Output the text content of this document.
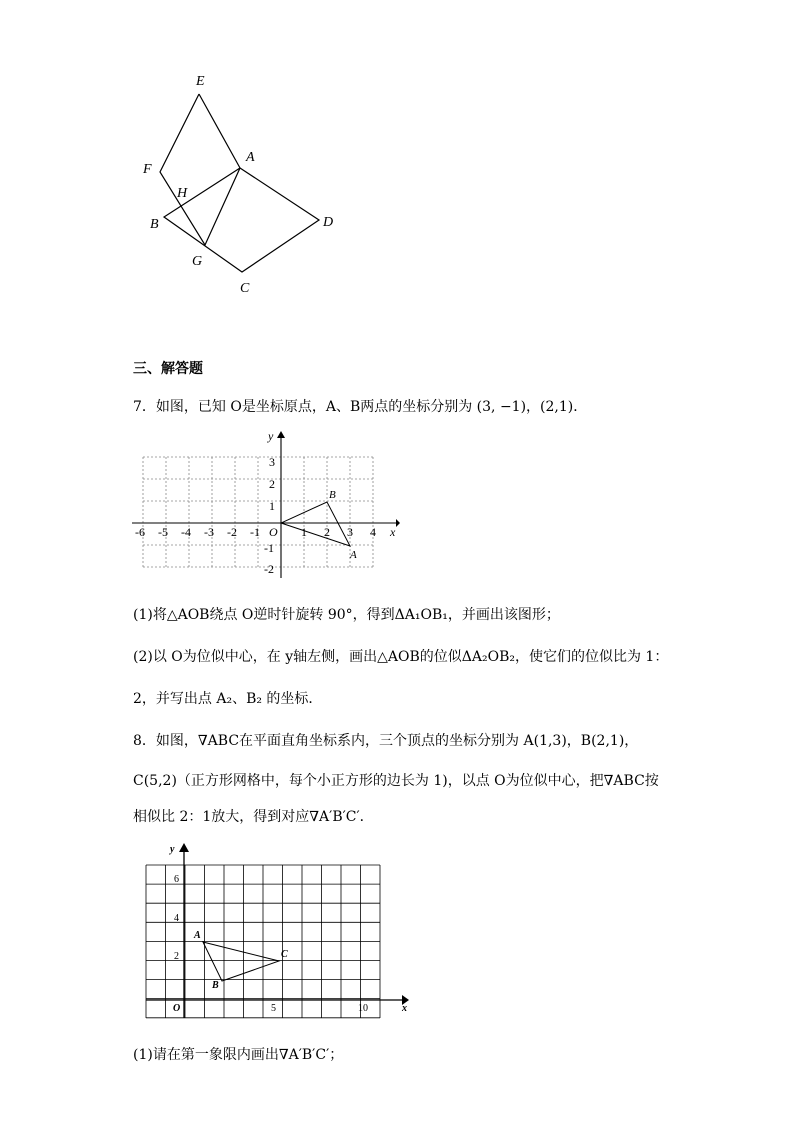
E
F
H
A
B	D
G
C
三、解答题
7．如图，已知 O是坐标原点，A、B两点的坐标分别为 (3, −1)，(2,1)．
y
x
O
B
A
-6 -5 -4 -3 -2 -1	1 2 3 4
3
2
1
-1
-2
(1)将△AOB绕点 O逆时针旋转 90°，得到ΔA₁OB₁，并画出该图形；
(2)以 O为位似中心，在 y轴左侧，画出△AOB的位似ΔA₂OB₂，使它们的位似比为 1：
2，并写出点 A₂、B₂ 的坐标．
8．如图，∇ABC在平面直角坐标系内，三个顶点的坐标分别为 A(1,3)，B(2,1)，
C(5,2)（正方形网格中，每个小正方形的边长为 1)，以点 O为位似中心，把∇ABC按
相似比 2：1放大，得到对应∇A′B′C′．
y
x
O
A
B
C
5	10
2
4
6
(1)请在第一象限内画出∇A′B′C′；
